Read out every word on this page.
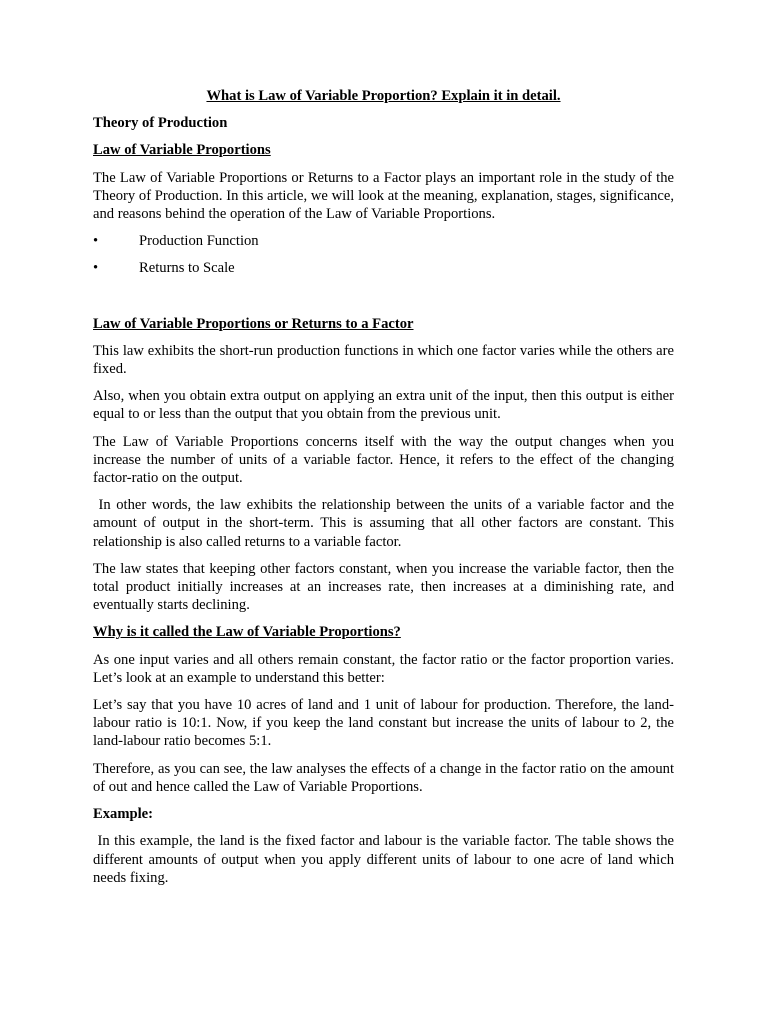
What is Law of Variable Proportion? Explain it in detail.

Theory of Production

Law of Variable Proportions

The Law of Variable Proportions or Returns to a Factor plays an important role in the study of the Theory of Production. In this article, we will look at the meaning, explanation, stages, significance, and reasons behind the operation of the Law of Variable Proportions.

•	Production Function
•	Returns to Scale

Law of Variable Proportions or Returns to a Factor

This law exhibits the short-run production functions in which one factor varies while the others are fixed.

Also, when you obtain extra output on applying an extra unit of the input, then this output is either equal to or less than the output that you obtain from the previous unit.

The Law of Variable Proportions concerns itself with the way the output changes when you increase the number of units of a variable factor. Hence, it refers to the effect of the changing factor-ratio on the output.

In other words, the law exhibits the relationship between the units of a variable factor and the amount of output in the short-term. This is assuming that all other factors are constant. This relationship is also called returns to a variable factor.

The law states that keeping other factors constant, when you increase the variable factor, then the total product initially increases at an increases rate, then increases at a diminishing rate, and eventually starts declining.

Why is it called the Law of Variable Proportions?

As one input varies and all others remain constant, the factor ratio or the factor proportion varies. Let’s look at an example to understand this better:

Let’s say that you have 10 acres of land and 1 unit of labour for production. Therefore, the land-labour ratio is 10:1. Now, if you keep the land constant but increase the units of labour to 2, the land-labour ratio becomes 5:1.

Therefore, as you can see, the law analyses the effects of a change in the factor ratio on the amount of out and hence called the Law of Variable Proportions.

Example:

In this example, the land is the fixed factor and labour is the variable factor. The table shows the different amounts of output when you apply different units of labour to one acre of land which needs fixing.
